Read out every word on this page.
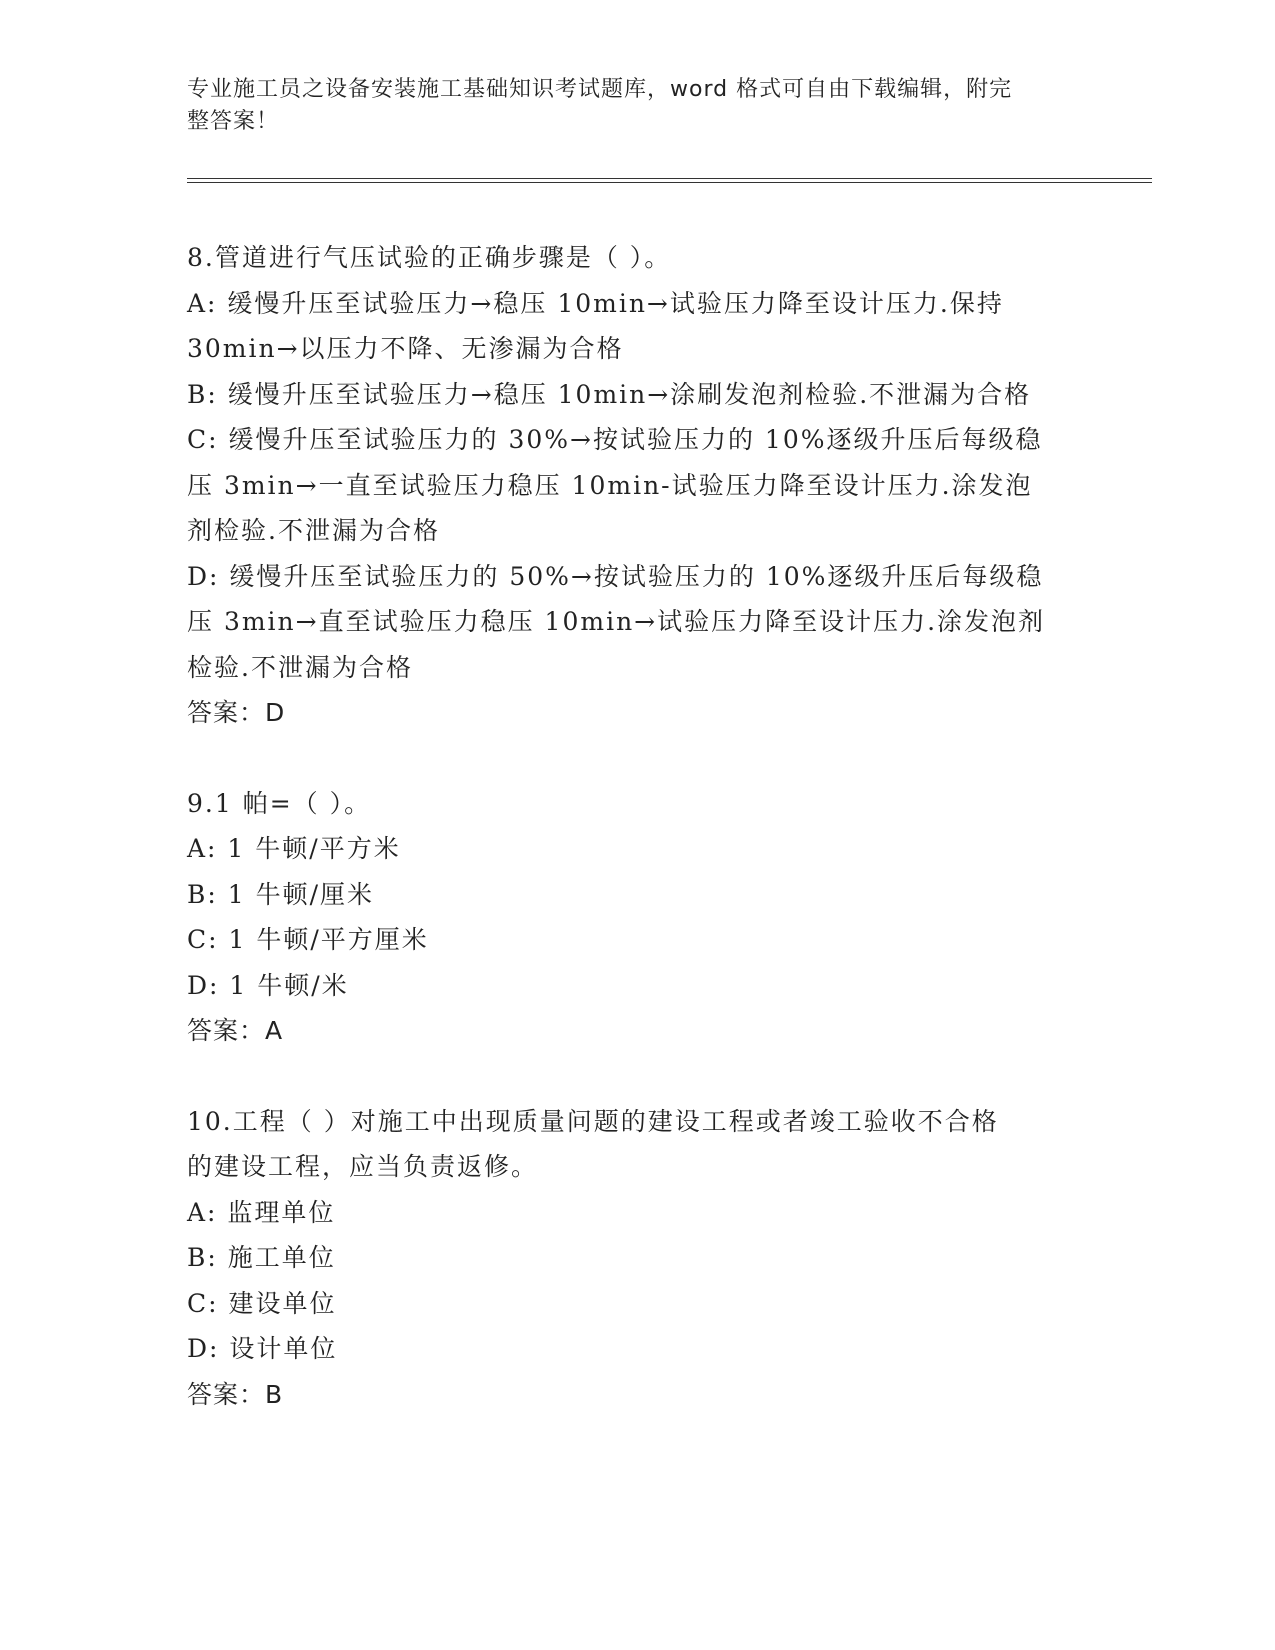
专业施工员之设备安装施工基础知识考试题库，word 格式可自由下载编辑，附完
整答案！
8.管道进行气压试验的正确步骤是（ ）。
A: 缓慢升压至试验压力→稳压 10min→试验压力降至设计压力.保持
30min→以压力不降、无渗漏为合格
B: 缓慢升压至试验压力→稳压 10min→涂刷发泡剂检验.不泄漏为合格
C: 缓慢升压至试验压力的 30%→按试验压力的 10%逐级升压后每级稳
压 3min→一直至试验压力稳压 10min-试验压力降至设计压力.涂发泡
剂检验.不泄漏为合格
D: 缓慢升压至试验压力的 50%→按试验压力的 10%逐级升压后每级稳
压 3min→直至试验压力稳压 10min→试验压力降至设计压力.涂发泡剂
检验.不泄漏为合格
答案：D
9.1 帕=（ ）。
A: 1 牛顿/平方米
B: 1 牛顿/厘米
C: 1 牛顿/平方厘米
D: 1 牛顿/米
答案：A
10.工程（ ）对施工中出现质量问题的建设工程或者竣工验收不合格
的建设工程，应当负责返修。
A: 监理单位
B: 施工单位
C: 建设单位
D: 设计单位
答案：B
